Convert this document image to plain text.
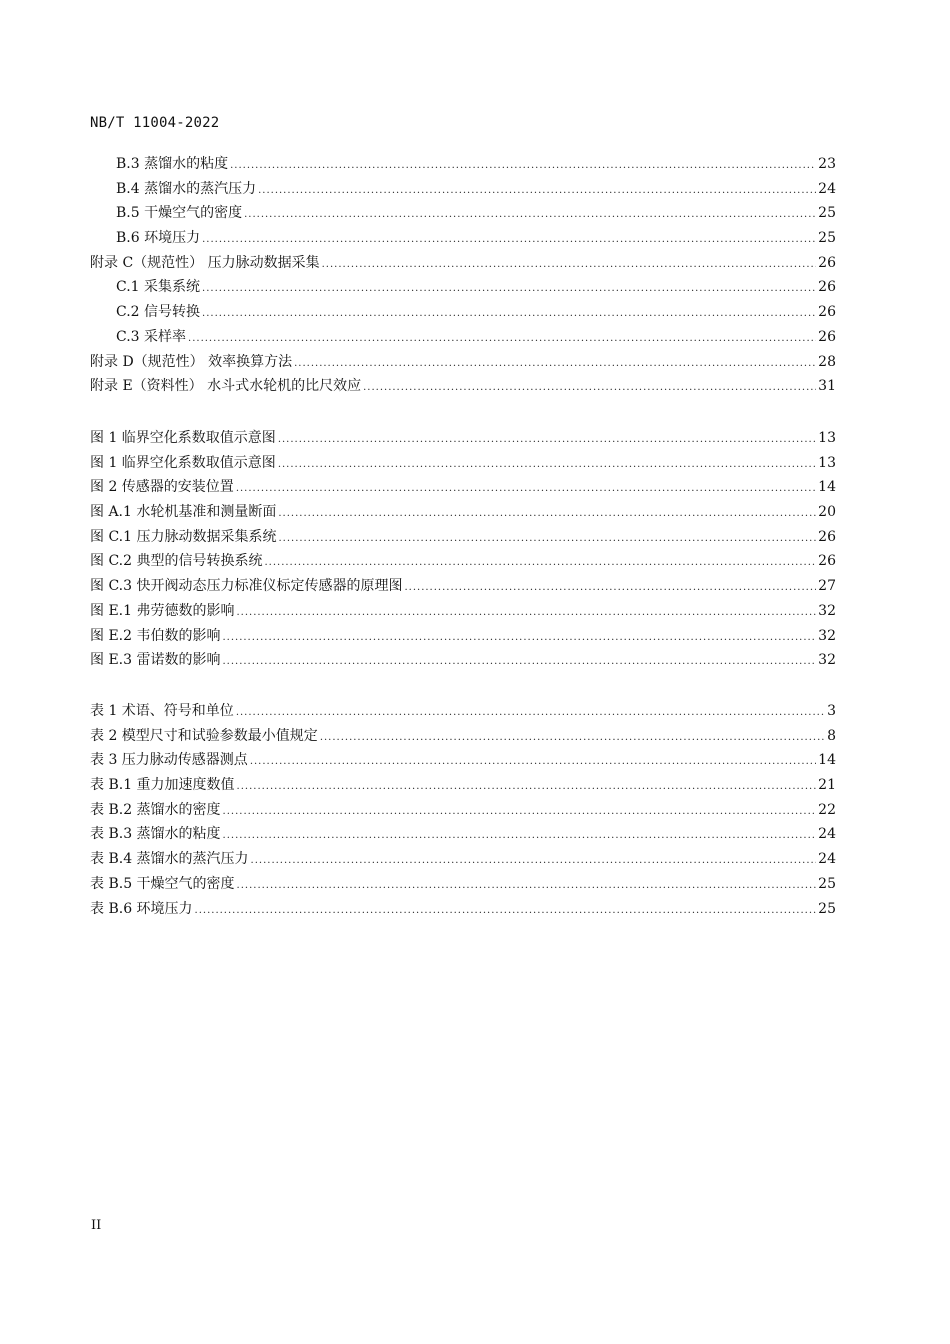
NB/T 11004-2022
B.3 蒸馏水的粘度 .....	23
B.4 蒸馏水的蒸汽压力 .....	24
B.5 干燥空气的密度 .....	25
B.6 环境压力 .....	25
附录 C（规范性） 压力脉动数据采集 .....	26
C.1 采集系统 .....	26
C.2 信号转换 .....	26
C.3 采样率 .....	26
附录 D（规范性） 效率换算方法 .....	28
附录 E（资料性） 水斗式水轮机的比尺效应 .....	31
图 1 临界空化系数取值示意图 .....	13
图 1 临界空化系数取值示意图 .....	13
图 2 传感器的安装位置 .....	14
图 A.1 水轮机基准和测量断面 .....	20
图 C.1 压力脉动数据采集系统 .....	26
图 C.2 典型的信号转换系统 .....	26
图 C.3 快开阀动态压力标准仪标定传感器的原理图 .....	27
图 E.1 弗劳德数的影响 .....	32
图 E.2 韦伯数的影响 .....	32
图 E.3 雷诺数的影响 .....	32
表 1 术语、符号和单位 .....	3
表 2 模型尺寸和试验参数最小值规定 .....	8
表 3 压力脉动传感器测点 .....	14
表 B.1 重力加速度数值 .....	21
表 B.2 蒸馏水的密度 .....	22
表 B.3 蒸馏水的粘度 .....	24
表 B.4 蒸馏水的蒸汽压力 .....	24
表 B.5 干燥空气的密度 .....	25
表 B.6 环境压力 .....	25
II
